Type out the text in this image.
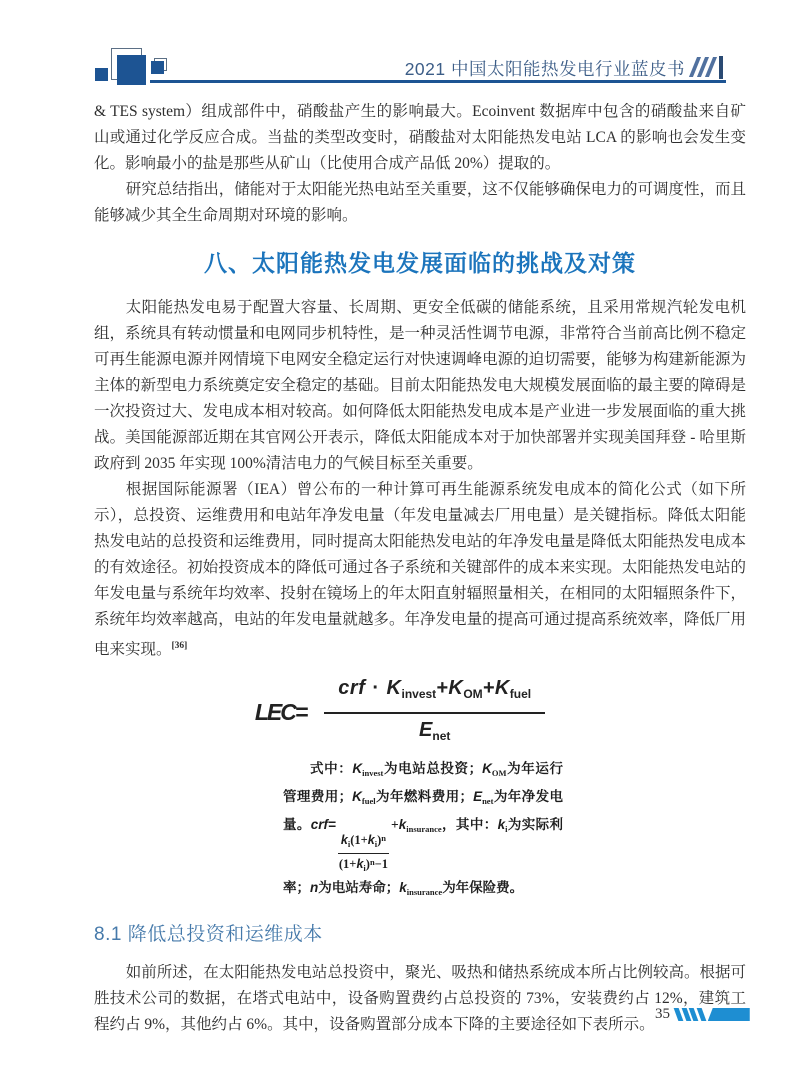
2021 中国太阳能热发电行业蓝皮书

& TES system）组成部件中，硝酸盐产生的影响最大。Ecoinvent 数据库中包含的硝酸盐来自矿山或通过化学反应合成。当盐的类型改变时，硝酸盐对太阳能热发电站 LCA 的影响也会发生变化。影响最小的盐是那些从矿山（比使用合成产品低 20%）提取的。

研究总结指出，储能对于太阳能光热电站至关重要，这不仅能够确保电力的可调度性，而且能够减少其全生命周期对环境的影响。

八、太阳能热发电发展面临的挑战及对策

太阳能热发电易于配置大容量、长周期、更安全低碳的储能系统，且采用常规汽轮发电机组，系统具有转动惯量和电网同步机特性，是一种灵活性调节电源，非常符合当前高比例不稳定可再生能源电源并网情境下电网安全稳定运行对快速调峰电源的迫切需要，能够为构建新能源为主体的新型电力系统奠定安全稳定的基础。目前太阳能热发电大规模发展面临的最主要的障碍是一次投资过大、发电成本相对较高。如何降低太阳能热发电成本是产业进一步发展面临的重大挑战。美国能源部近期在其官网公开表示，降低太阳能成本对于加快部署并实现美国拜登 - 哈里斯政府到 2035 年实现 100%清洁电力的气候目标至关重要。

根据国际能源署（IEA）曾公布的一种计算可再生能源系统发电成本的简化公式（如下所示），总投资、运维费用和电站年净发电量（年发电量减去厂用电量）是关键指标。降低太阳能热发电站的总投资和运维费用，同时提高太阳能热发电站的年净发电量是降低太阳能热发电成本的有效途径。初始投资成本的降低可通过各子系统和关键部件的成本来实现。太阳能热发电站的年发电量与系统年均效率、投射在镜场上的年太阳直射辐照量相关，在相同的太阳辐照条件下，系统年均效率越高，电站的年发电量就越多。年净发电量的提高可通过提高系统效率，降低厂用电来实现。[36]

$LEC= \frac{crf \cdot K_{invest}+K_{OM}+K_{fuel}}{E_{net}}$
式中：$K_{invest}$为电站总投资；$K_{OM}$为年运行管理费用；$K_{fuel}$为年燃料费用；$E_{net}$为年净发电量。crf=
$\frac{k_i(1+k_i)^n}{(1+k_i)^n-1}$
$+k_{insurance}$，其中：$k_i$为实际利率；n为电站寿命；$k_{insurance}$为年保险费。
8.1 降低总投资和运维成本

如前所述，在太阳能热发电站总投资中，聚光、吸热和储热系统成本所占比例较高。根据可胜技术公司的数据，在塔式电站中，设备购置费约占总投资的 73%，安装费约占 12%，建筑工程约占 9%，其他约占 6%。其中，设备购置部分成本下降的主要途径如下表所示。

35
